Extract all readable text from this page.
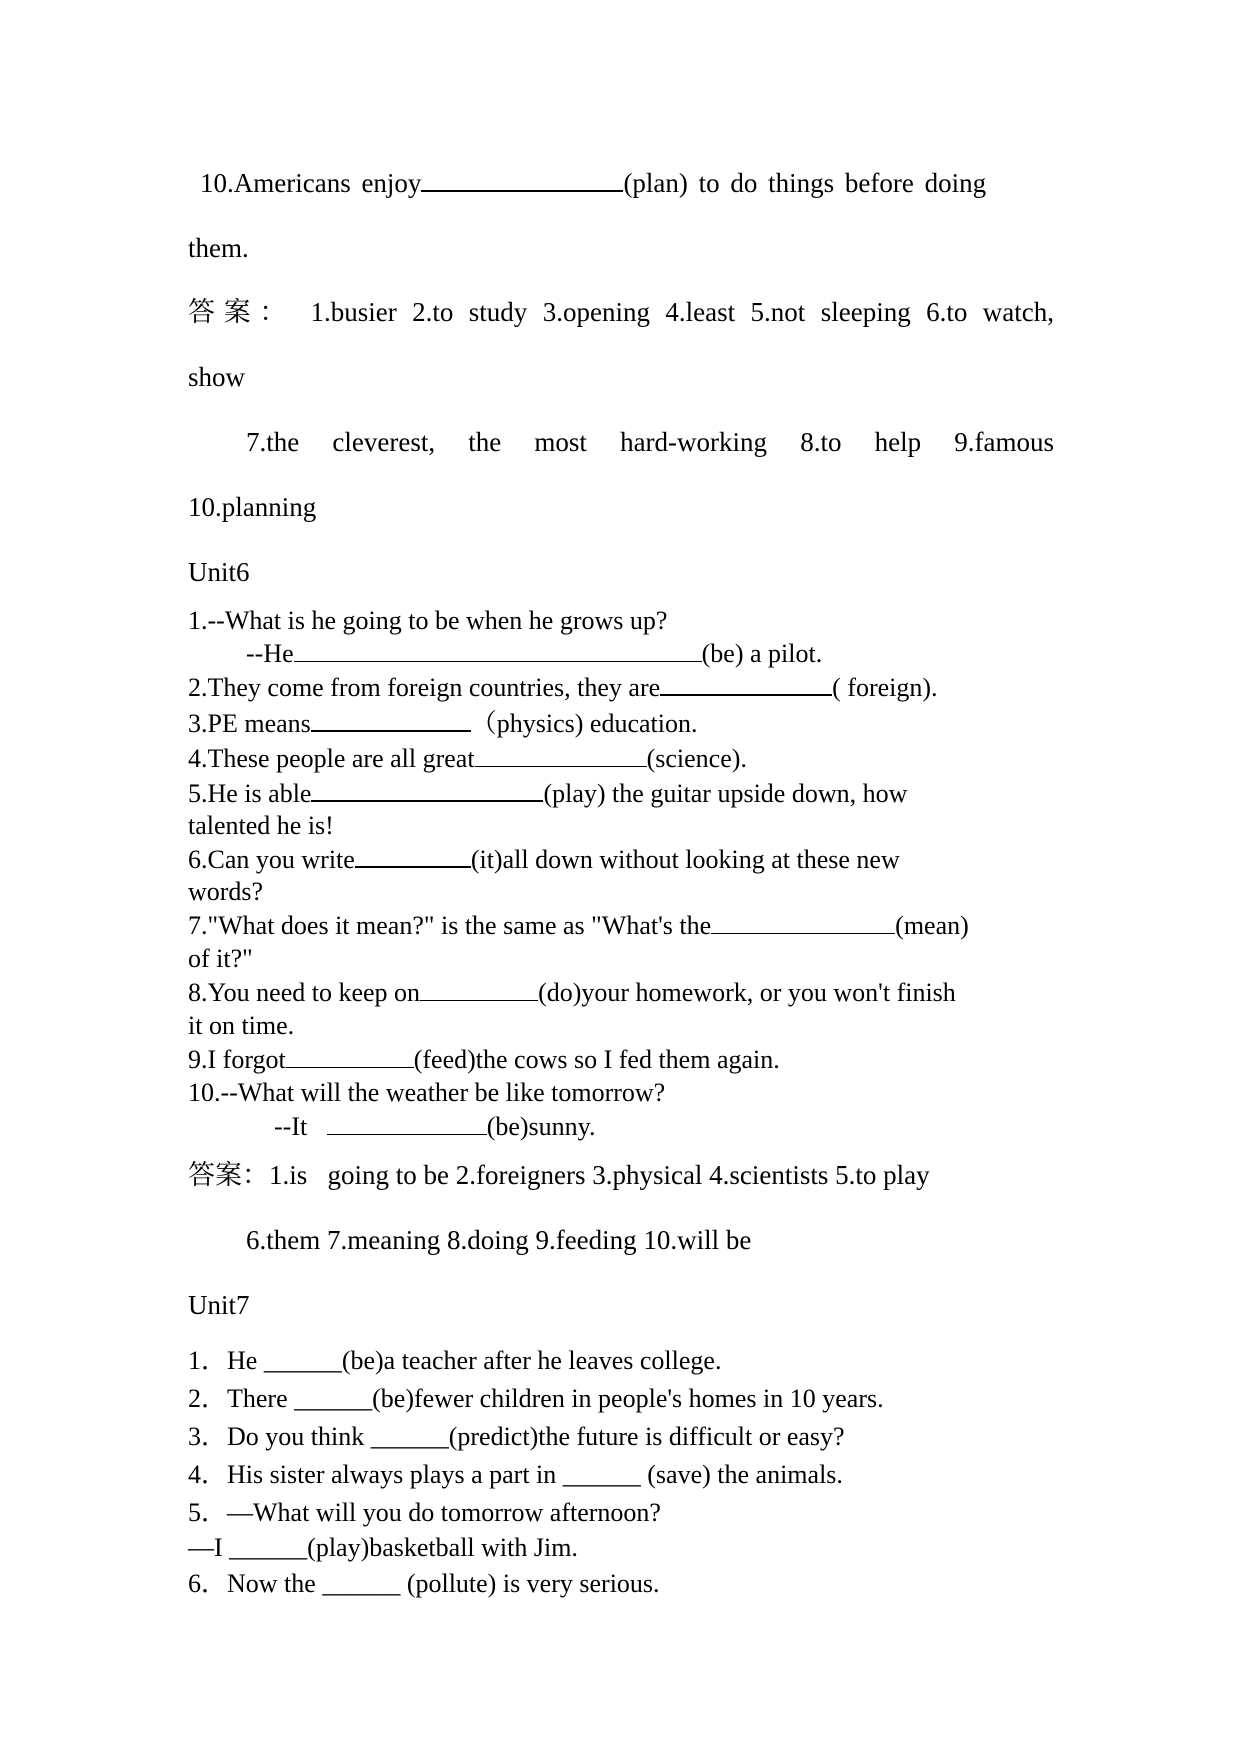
10.Americans enjoy	(plan) to do things before doing
them.
答案： 1.busier 2.to study 3.opening 4.least 5.not sleeping 6.to watch,
show
7.the cleverest, the most hard-working 8.to help 9.famous
10.planning
Unit6
1.--What is he going to be when he grows up?
--He	(be) a pilot.
2.They come from foreign countries, they are	( foreign).
3.PE means	（physics) education.
4.These people are all great	(science).
5.He is able	(play) the guitar upside down, how
talented he is!
6.Can you write	(it)all down without looking at these new
words?
7."What does it mean?" is the same as "What's the	(mean)
of it?"
8.You need to keep on	(do)your homework, or you won't finish
it on time.
9.I forgot	(feed)the cows so I fed them again.
10.--What will the weather be like tomorrow?
--It	(be)sunny.
答案：1.is   going to be 2.foreigners 3.physical 4.scientists 5.to play
6.them 7.meaning 8.doing 9.feeding 10.will be
Unit7
1．He ______(be)a teacher after he leaves college.
2．There ______(be)fewer children in people's homes in 10 years.
3．Do you think ______(predict)the future is difficult or easy?
4．His sister always plays a part in ______ (save) the animals.
5．—What will you do tomorrow afternoon?
—I ______(play)basketball with Jim.
6．Now the ______ (pollute) is very serious.
